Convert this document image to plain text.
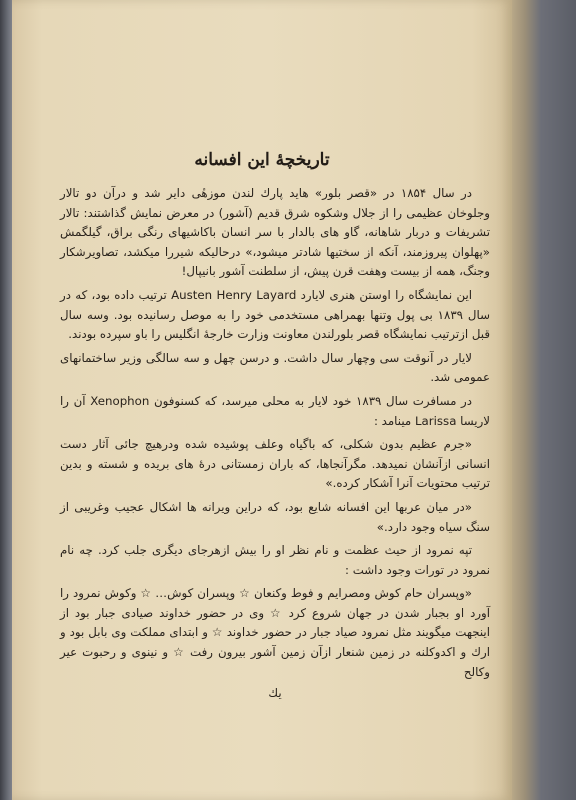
تاریخچهٔ این افسانه

در سال ۱۸۵۴ در «قصر بلور» هاید پارك لندن موزهٔی دایر شد و درآن دو تالار وجلوخان عظیمی را از جلال وشکوه شرق قدیم (آشور) در معرض نمایش گذاشتند: تالار تشریفات و دربار شاهانه، گاو های بالدار با سر انسان باکاشیهای رنگی براق، گیلگمش «پهلوان پیروزمند، آنکه از سختیها شادتر میشود،» درحالیکه شیررا میکشد، تصاویرشکار وجنگ، همه از بیست وهفت قرن پیش، از سلطنت آشور بانیپال!

این نمایشگاه را اوستن هنری لایارد Austen Henry Layard ترتیب داده بود، که در سال ۱۸۳۹ بی پول وتنها بهمراهی مستخدمی خود را به موصل رسانیده بود. وسه سال قبل ازترتیب نمایشگاه قصر بلورلندن معاونت وزارت خارجهٔ انگلیس را باو سپرده بودند.

لایار در آنوقت سی وچهار سال داشت. و درسن چهل و سه سالگی وزیر ساختمانهای عمومی شد.

در مسافرت سال ۱۸۳۹ خود لایار به محلی میرسد، که کسنوفون Xenophon آن را لاریسا Larissa مینامد :

«جرم عظیم بدون شکلی، که باگیاه وعلف پوشیده شده ودرهیچ جائی آثار دست انسانی ازآنشان نمیدهد. مگرآنجاها، که باران زمستانی درهٔ های بریده و شسته و بدین ترتیب محتویات آنرا آشکار کرده.»

«در میان عربها این افسانه شایع بود، که دراین ویرانه ها اشکال عجیب وغریبی از سنگ سیاه وجود دارد.»

تپه نمرود از حیث عظمت و نام نظر او را بیش ازهرجای دیگری جلب کرد. چه نام نمرود در تورات وجود داشت :

«وپسران حام کوش ومصرایم و فوط وکنعان ☆ وپسران کوش… ☆ وکوش نمرود را آورد او بجبار شدن در جهان شروع کرد ☆ وی در حضور خداوند صیادی جبار بود از اینجهت میگویند مثل نمرود صیاد جبار در حضور خداوند ☆ و ابتدای مملکت وی بابل بود و ارك و اكدوكلنه در زمین شنعار ازآن زمین آشور بیرون رفت ☆ و نینوی و رحبوت عیر وکالح

یك
